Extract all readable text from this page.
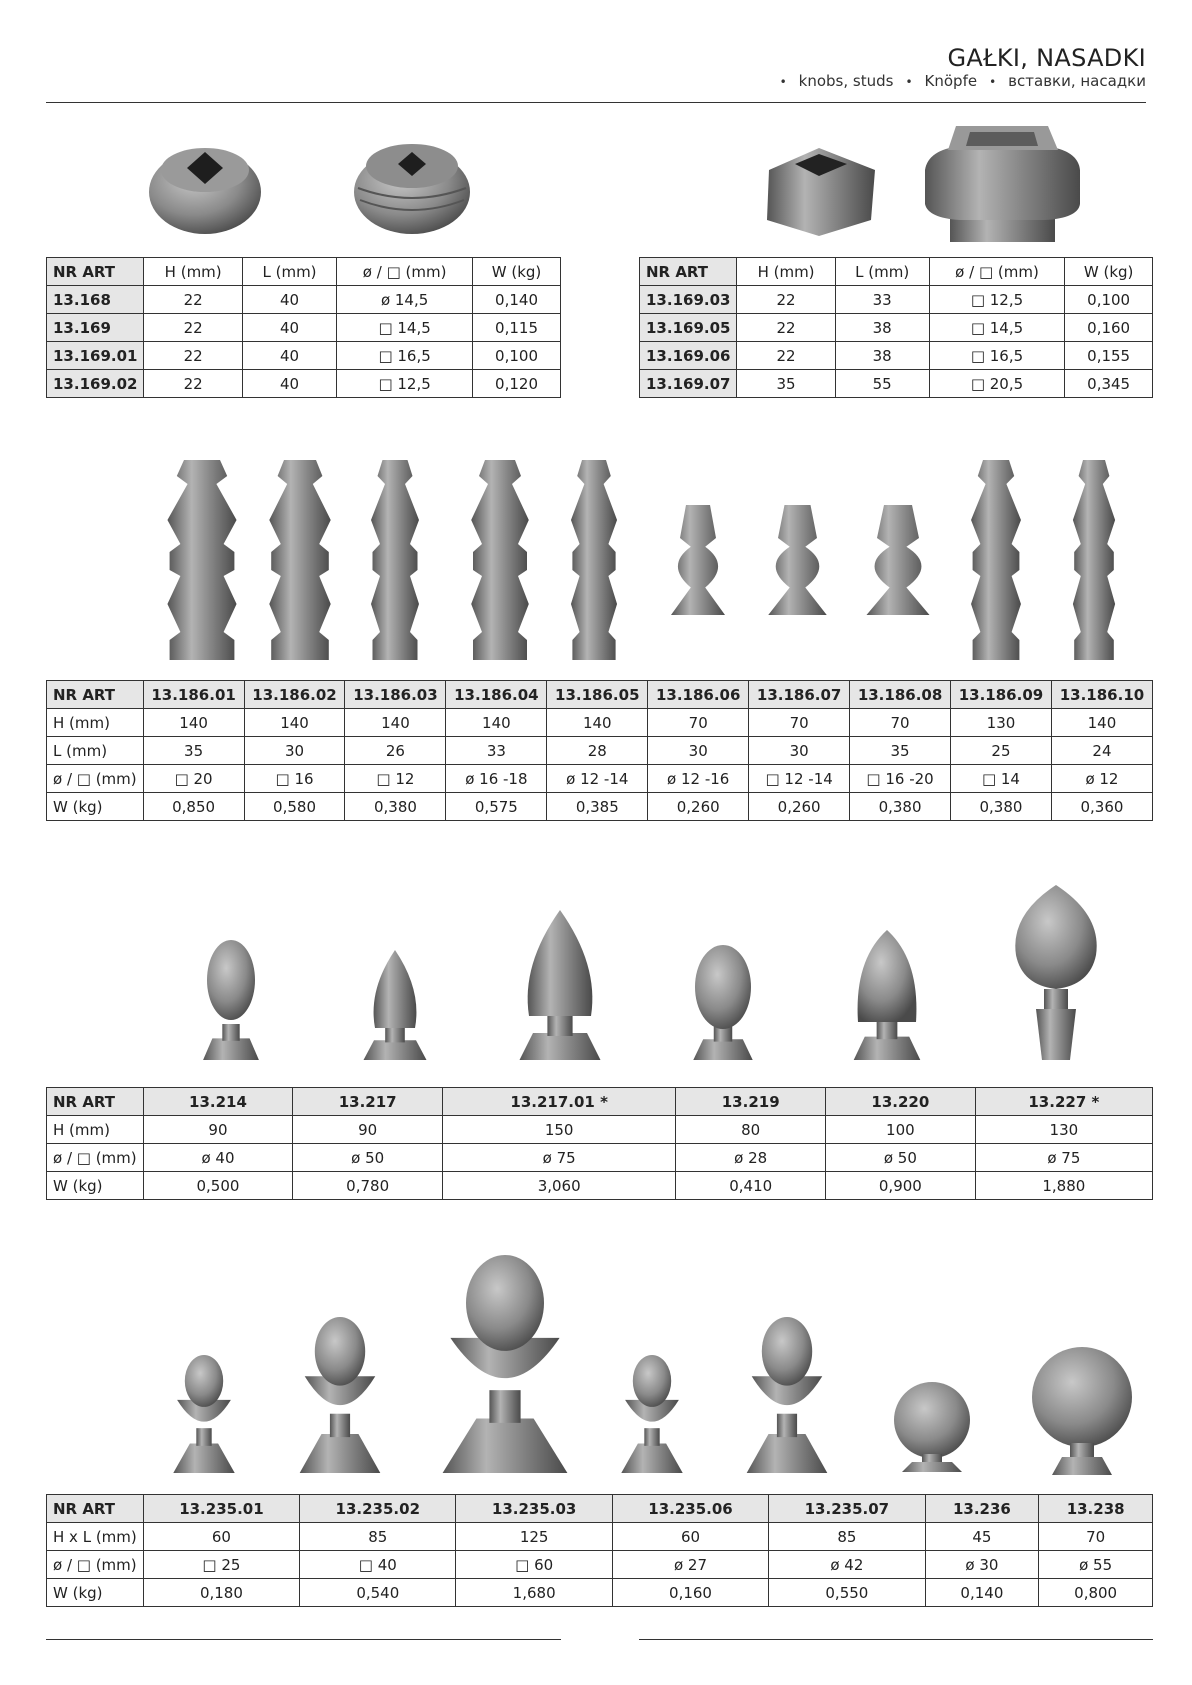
GAŁKI, NASADKI
• knobs, studs • Knöpfe • вставки, насадки
NR ART	H (mm)	L (mm)	ø / □ (mm)	W (kg)
13.168	22	40	ø 14,5	0,140
13.169	22	40	□ 14,5	0,115
13.169.01	22	40	□ 16,5	0,100
13.169.02	22	40	□ 12,5	0,120
NR ART	H (mm)	L (mm)	ø / □ (mm)	W (kg)
13.169.03	22	33	□ 12,5	0,100
13.169.05	22	38	□ 14,5	0,160
13.169.06	22	38	□ 16,5	0,155
13.169.07	35	55	□ 20,5	0,345
NR ART	13.186.01	13.186.02	13.186.03	13.186.04	13.186.05	13.186.06	13.186.07	13.186.08	13.186.09	13.186.10
H (mm)	140	140	140	140	140	70	70	70	130	140
L (mm)	35	30	26	33	28	30	30	35	25	24
ø / □ (mm)	□ 20	□ 16	□ 12	ø 16 -18	ø 12 -14	ø 12 -16	□ 12 -14	□ 16 -20	□ 14	ø 12
W (kg)	0,850	0,580	0,380	0,575	0,385	0,260	0,260	0,380	0,380	0,360
NR ART	13.214	13.217	13.217.01 *	13.219	13.220	13.227 *
H (mm)	90	90	150	80	100	130
ø / □ (mm)	ø 40	ø 50	ø 75	ø 28	ø 50	ø 75
W (kg)	0,500	0,780	3,060	0,410	0,900	1,880
NR ART	13.235.01	13.235.02	13.235.03	13.235.06	13.235.07	13.236	13.238
H x L (mm)	60	85	125	60	85	45	70
ø / □ (mm)	□ 25	□ 40	□ 60	ø 27	ø 42	ø 30	ø 55
W (kg)	0,180	0,540	1,680	0,160	0,550	0,140	0,800
